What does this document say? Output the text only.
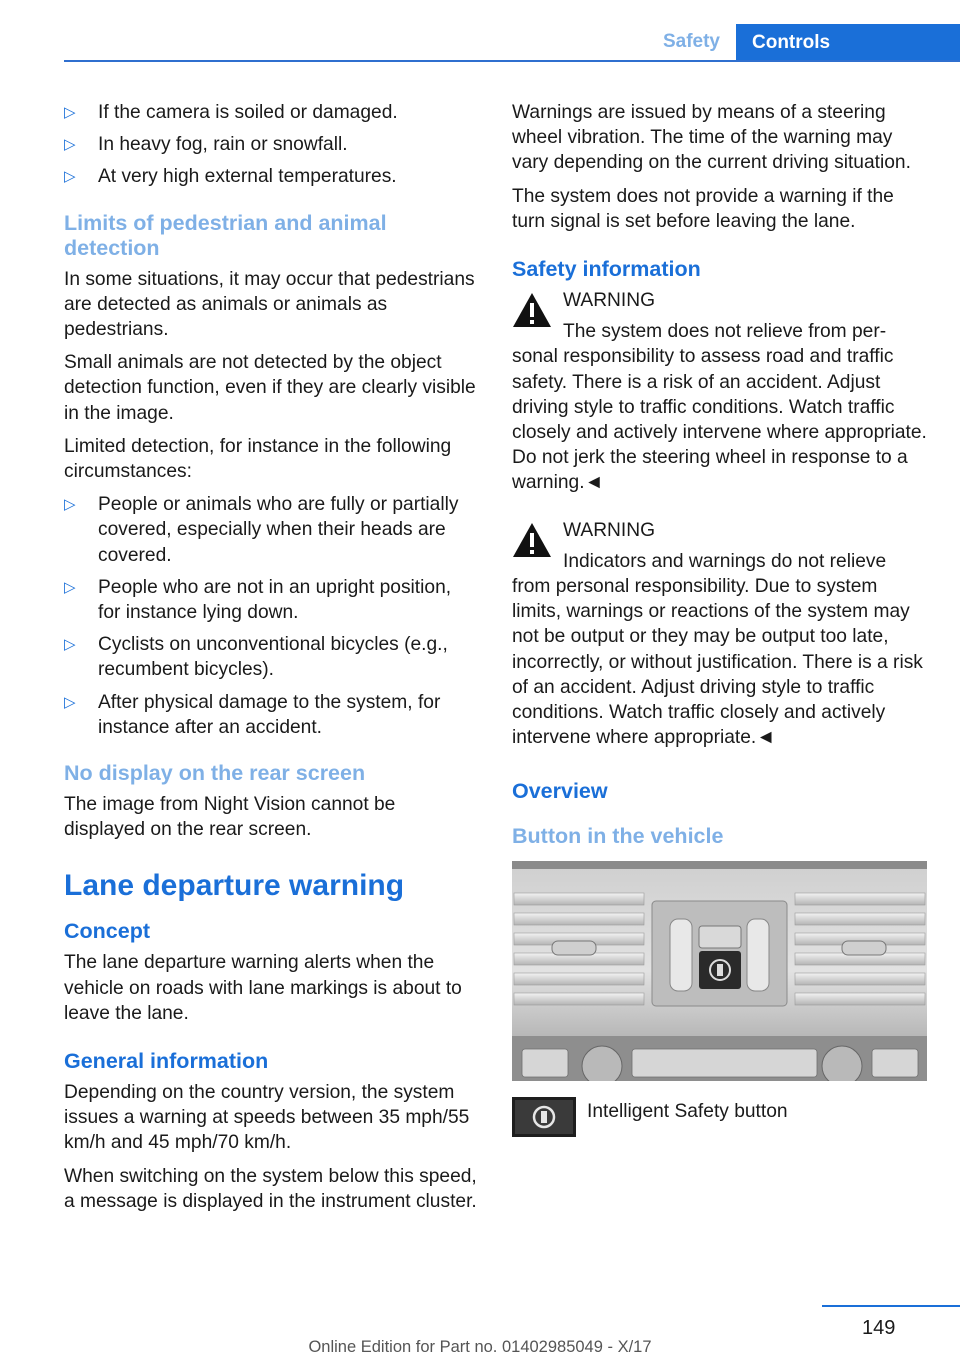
Safety	Controls
▷ If the camera is soiled or damaged.
▷ In heavy fog, rain or snowfall.
▷ At very high external temperatures.
Limits of pedestrian and animal detection

In some situations, it may occur that pedestrians are detected as animals or animals as pedestrians.

Small animals are not detected by the object detection function, even if they are clearly visible in the image.

Limited detection, for instance in the following circumstances:

▷ People or animals who are fully or partially covered, especially when their heads are covered.
▷ People who are not in an upright position, for instance lying down.
▷ Cyclists on unconventional bicycles (e.g., recumbent bicycles).
▷ After physical damage to the system, for instance after an accident.
No display on the rear screen

The image from Night Vision cannot be displayed on the rear screen.

Lane departure warning
Concept

The lane departure warning alerts when the vehicle on roads with lane markings is about to leave the lane.

General information

Depending on the country version, the system issues a warning at speeds between 35 mph/55 km/h and 45 mph/70 km/h.

When switching on the system below this speed, a message is displayed in the instrument cluster.

Warnings are issued by means of a steering wheel vibration. The time of the warning may vary depending on the current driving situation.

The system does not provide a warning if the turn signal is set before leaving the lane.

Safety information
WARNING
The system does not relieve from per-
sonal responsibility to assess road and traffic safety. There is a risk of an accident. Adjust driving style to traffic conditions. Watch traffic closely and actively intervene where appropriate. Do not jerk the steering wheel in response to a warning.◄
WARNING
Indicators and warnings do not relieve
from personal responsibility. Due to system limits, warnings or reactions of the system may not be output or they may be output too late, incorrectly, or without justification. There is a risk of an accident. Adjust driving style to traffic conditions. Watch traffic closely and actively intervene where appropriate.◄
Overview
Button in the vehicle
Intelligent Safety button
149
Online Edition for Part no. 01402985049 - X/17
